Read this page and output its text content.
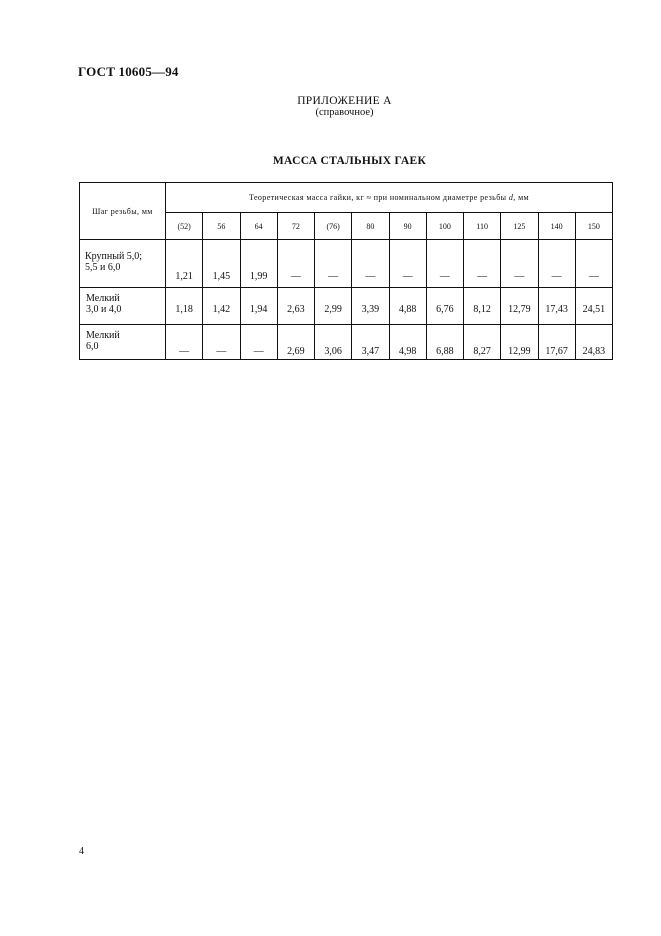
ГОСТ 10605—94
ПРИЛОЖЕНИЕ А
(справочное)
МАССА СТАЛЬНЫХ ГАЕК
Шаг резьбы, мм	Теоретическая масса гайки, кг ≈ при номинальном диаметре резьбы d, мм											
	(52)	56	64	72	(76)	80	90	100	110	125	140	150

Крупный 5,0;
5,5 и 6,0	1,21	1,45	1,99	—	—	—	—	—	—	—	—	—

Мелкий
3,0 и 4,0	1,18	1,42	1,94	2,63	2,99	3,39	4,88	6,76	8,12	12,79	17,43	24,51

Мелкий
6,0	—	—	—	2,69	3,06	3,47	4,98	6,88	8,27	12,99	17,67	24,83
4
